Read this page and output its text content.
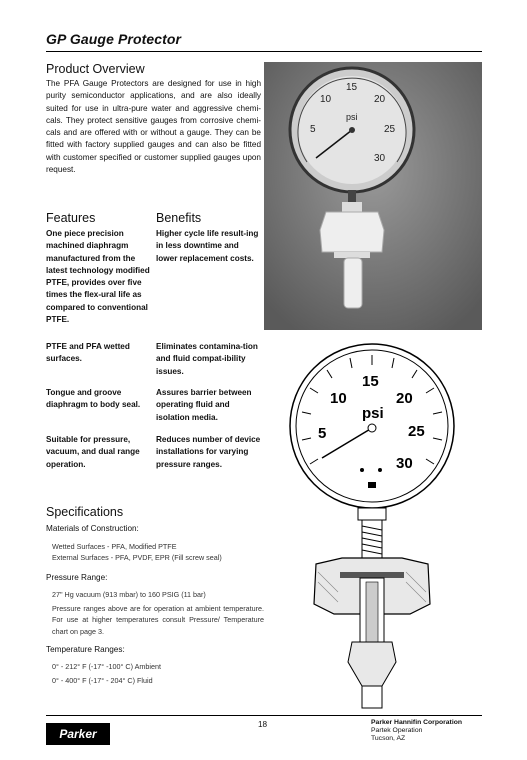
GP Gauge Protector
Product Overview
The PFA Gauge Protectors are designed for use in high purity semiconductor applications, and are also ideally suited for use in ultra-pure water and aggressive chemi-cals. They protect sensitive gauges from corrosive chemi-cals and are offered with or without a gauge. They can be fitted with factory supplied gauges and can also be fitted with customer specified or customer supplied gauges upon request.
5
10
15
20
25
30
psi
Features	Benefits
One piece precision machined diaphragm manufactured from the latest technology modified PTFE, provides over five times the flex-ural life as compared to conventional PTFE.
Higher cycle life result-ing in less downtime and lower replacement costs.
PTFE and PFA wetted surfaces.
Eliminates contamina-tion and fluid compat-ibility issues.
Tongue and groove diaphragm to body seal.
Assures barrier between operating fluid and isolation media.
Suitable for pressure, vacuum, and dual range operation.
Reduces number of device installations for varying pressure ranges.
5
10
15
20
25
30
psi
Specifications
Materials of Construction:
Wetted Surfaces - PFA, Modified PTFE
External Surfaces - PFA, PVDF, EPR (Fill screw seal)
Pressure Range:
27" Hg vacuum (913 mbar) to 160 PSIG (11 bar)
Pressure ranges above are for operation at ambient temperature. For use at higher temperatures consult Pressure/ Temperature chart on page 3.
Temperature Ranges:
0° - 212° F (-17° -100° C) Ambient
0° - 400° F (-17° - 204° C) Fluid
Parker
18	Parker Hannifin Corporation
Partek Operation
Tucson, AZ
